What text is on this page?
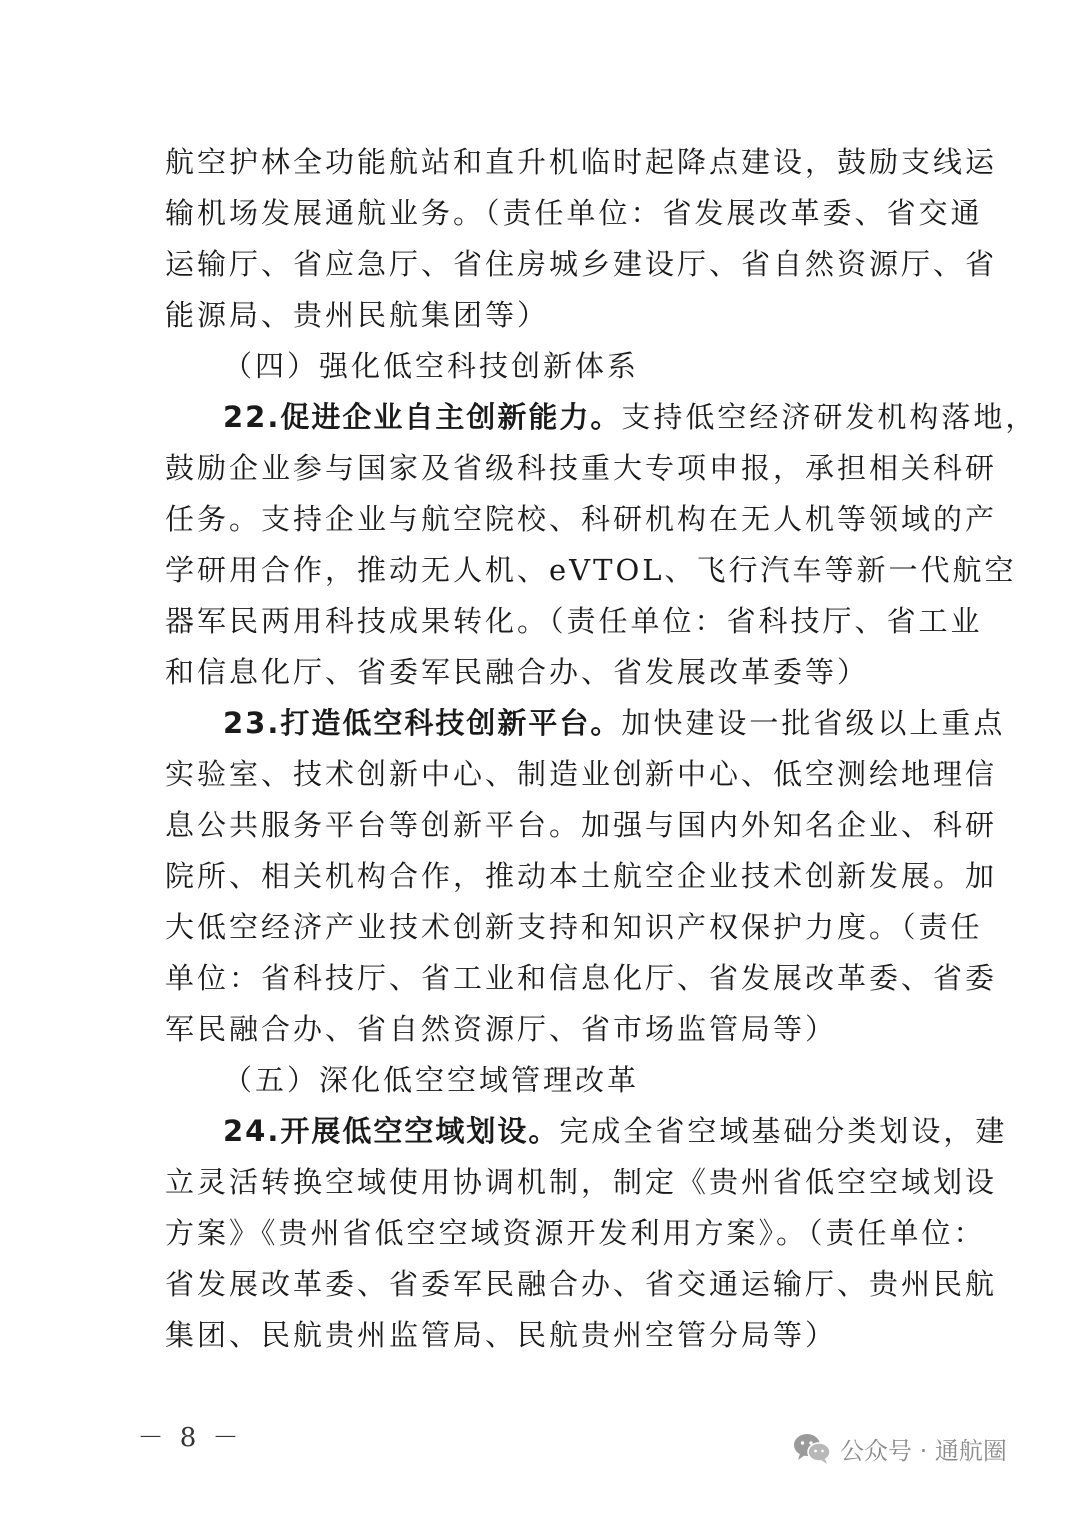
航空护林全功能航站和直升机临时起降点建设，鼓励支线运
输机场发展通航业务。（责任单位：省发展改革委、省交通
运输厅、省应急厅、省住房城乡建设厅、省自然资源厅、省
能源局、贵州民航集团等）
（四）强化低空科技创新体系
22.促进企业自主创新能力。支持低空经济研发机构落地，
鼓励企业参与国家及省级科技重大专项申报，承担相关科研
任务。支持企业与航空院校、科研机构在无人机等领域的产
学研用合作，推动无人机、eVTOL、飞行汽车等新一代航空
器军民两用科技成果转化。（责任单位：省科技厅、省工业
和信息化厅、省委军民融合办、省发展改革委等）
23.打造低空科技创新平台。加快建设一批省级以上重点
实验室、技术创新中心、制造业创新中心、低空测绘地理信
息公共服务平台等创新平台。加强与国内外知名企业、科研
院所、相关机构合作，推动本土航空企业技术创新发展。加
大低空经济产业技术创新支持和知识产权保护力度。（责任
单位：省科技厅、省工业和信息化厅、省发展改革委、省委
军民融合办、省自然资源厅、省市场监管局等）
（五）深化低空空域管理改革
24.开展低空空域划设。完成全省空域基础分类划设，建
立灵活转换空域使用协调机制，制定《贵州省低空空域划设
方案》《贵州省低空空域资源开发利用方案》。（责任单位：
省发展改革委、省委军民融合办、省交通运输厅、贵州民航
集团、民航贵州监管局、民航贵州空管分局等）
－ 8 －	公众号 · 通航圈
